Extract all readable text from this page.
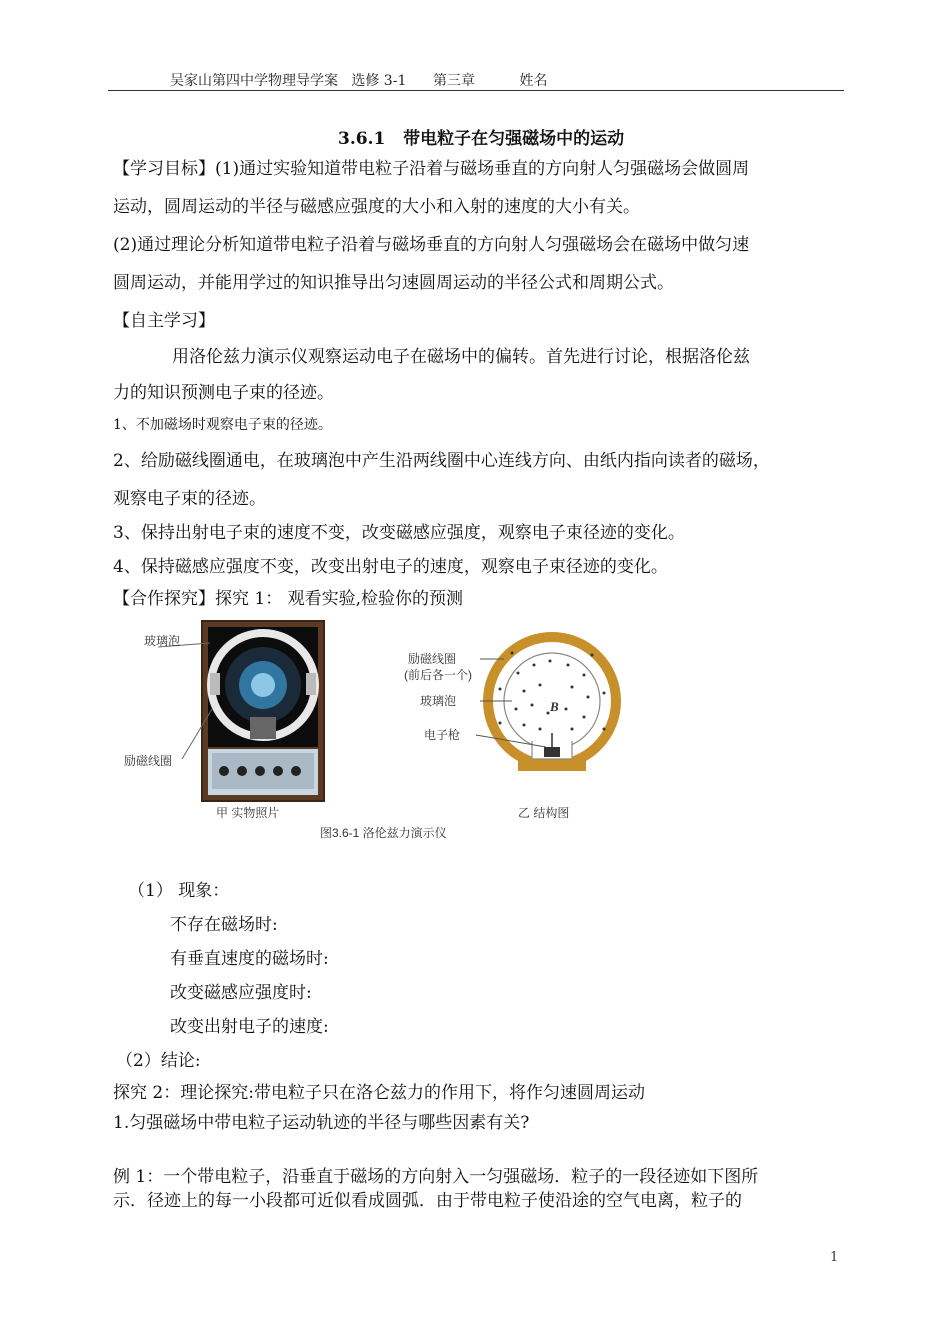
吴家山第四中学物理导学案   选修 3-1      第三章          姓名
3.6.1   带电粒子在匀强磁场中的运动
【学习目标】(1)通过实验知道带电粒子沿着与磁场垂直的方向射人匀强磁场会做圆周
运动，圆周运动的半径与磁感应强度的大小和入射的速度的大小有关。
(2)通过理论分析知道带电粒子沿着与磁场垂直的方向射人匀强磁场会在磁场中做匀速
圆周运动，并能用学过的知识推导出匀速圆周运动的半径公式和周期公式。
【自主学习】
用洛伦兹力演示仪观察运动电子在磁场中的偏转。首先进行讨论，根据洛伦兹
力的知识预测电子束的径迹。
1、不加磁场时观察电子束的径迹。
2、给励磁线圈通电，在玻璃泡中产生沿两线圈中心连线方向、由纸内指向读者的磁场，
观察电子束的径迹。
3、保持出射电子束的速度不变，改变磁感应强度，观察电子束径迹的变化。
4、保持磁感应强度不变，改变出射电子的速度，观察电子束径迹的变化。
【合作探究】探究 1： 观看实验,检验你的预测
玻璃泡
励磁线圈
甲 实物照片
励磁线圈
(前后各一个)
玻璃泡
电子枪
B
乙 结构图
图3.6-1 洛伦兹力演示仪
（1） 现象：
不存在磁场时:
有垂直速度的磁场时:
改变磁感应强度时:
改变出射电子的速度:
（2）结论:
探究 2：理论探究:带电粒子只在洛仑兹力的作用下，将作匀速圆周运动
1.匀强磁场中带电粒子运动轨迹的半径与哪些因素有关?
例 1：一个带电粒子，沿垂直于磁场的方向射入一匀强磁场．粒子的一段径迹如下图所
示．径迹上的每一小段都可近似看成圆弧．由于带电粒子使沿途的空气电离，粒子的
1
